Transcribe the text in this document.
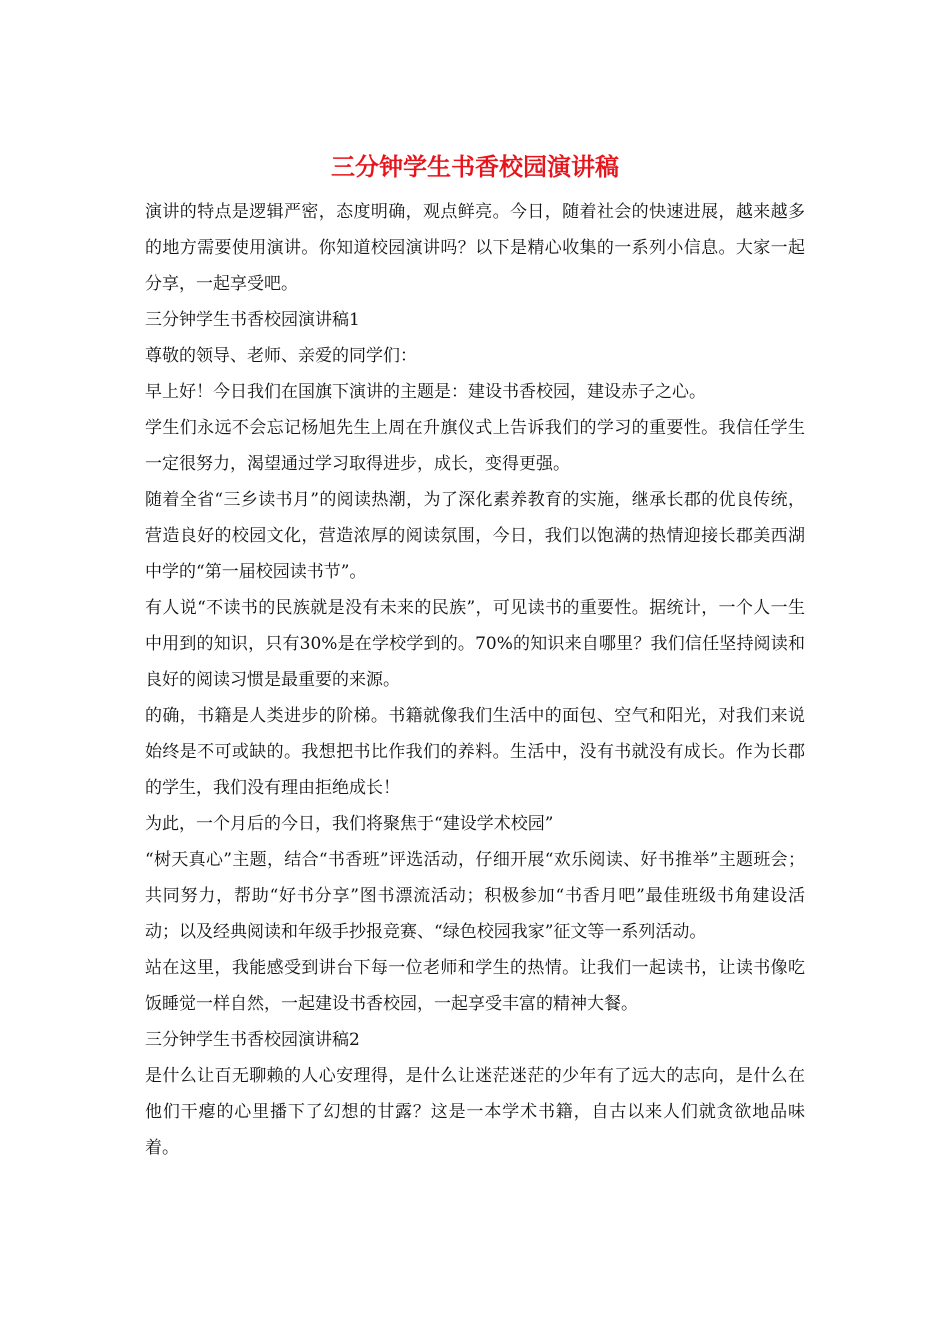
三分钟学生书香校园演讲稿

演讲的特点是逻辑严密，态度明确，观点鲜亮。今日，随着社会的快速进展，越来越多的地方需要使用演讲。你知道校园演讲吗？以下是精心收集的一系列小信息。大家一起分享，一起享受吧。

三分钟学生书香校园演讲稿1

尊敬的领导、老师、亲爱的同学们：

早上好！今日我们在国旗下演讲的主题是：建设书香校园，建设赤子之心。

学生们永远不会忘记杨旭先生上周在升旗仪式上告诉我们的学习的重要性。我信任学生一定很努力，渴望通过学习取得进步，成长，变得更强。

随着全省“三乡读书月”的阅读热潮，为了深化素养教育的实施，继承长郡的优良传统，营造良好的校园文化，营造浓厚的阅读氛围，今日，我们以饱满的热情迎接长郡美西湖中学的“第一届校园读书节”。

有人说“不读书的民族就是没有未来的民族”，可见读书的重要性。据统计，一个人一生中用到的知识，只有30%是在学校学到的。70%的知识来自哪里？我们信任坚持阅读和良好的阅读习惯是最重要的来源。

的确，书籍是人类进步的阶梯。书籍就像我们生活中的面包、空气和阳光，对我们来说始终是不可或缺的。我想把书比作我们的养料。生活中，没有书就没有成长。作为长郡的学生，我们没有理由拒绝成长！

为此，一个月后的今日，我们将聚焦于“建设学术校园”

“树天真心”主题，结合“书香班”评选活动，仔细开展“欢乐阅读、好书推举”主题班会；共同努力，帮助“好书分享”图书漂流活动；积极参加“书香月吧”最佳班级书角建设活动；以及经典阅读和年级手抄报竞赛、“绿色校园我家”征文等一系列活动。

站在这里，我能感受到讲台下每一位老师和学生的热情。让我们一起读书，让读书像吃饭睡觉一样自然，一起建设书香校园，一起享受丰富的精神大餐。

三分钟学生书香校园演讲稿2

是什么让百无聊赖的人心安理得，是什么让迷茫迷茫的少年有了远大的志向，是什么在他们干瘪的心里播下了幻想的甘露？这是一本学术书籍，自古以来人们就贪欲地品味着。
